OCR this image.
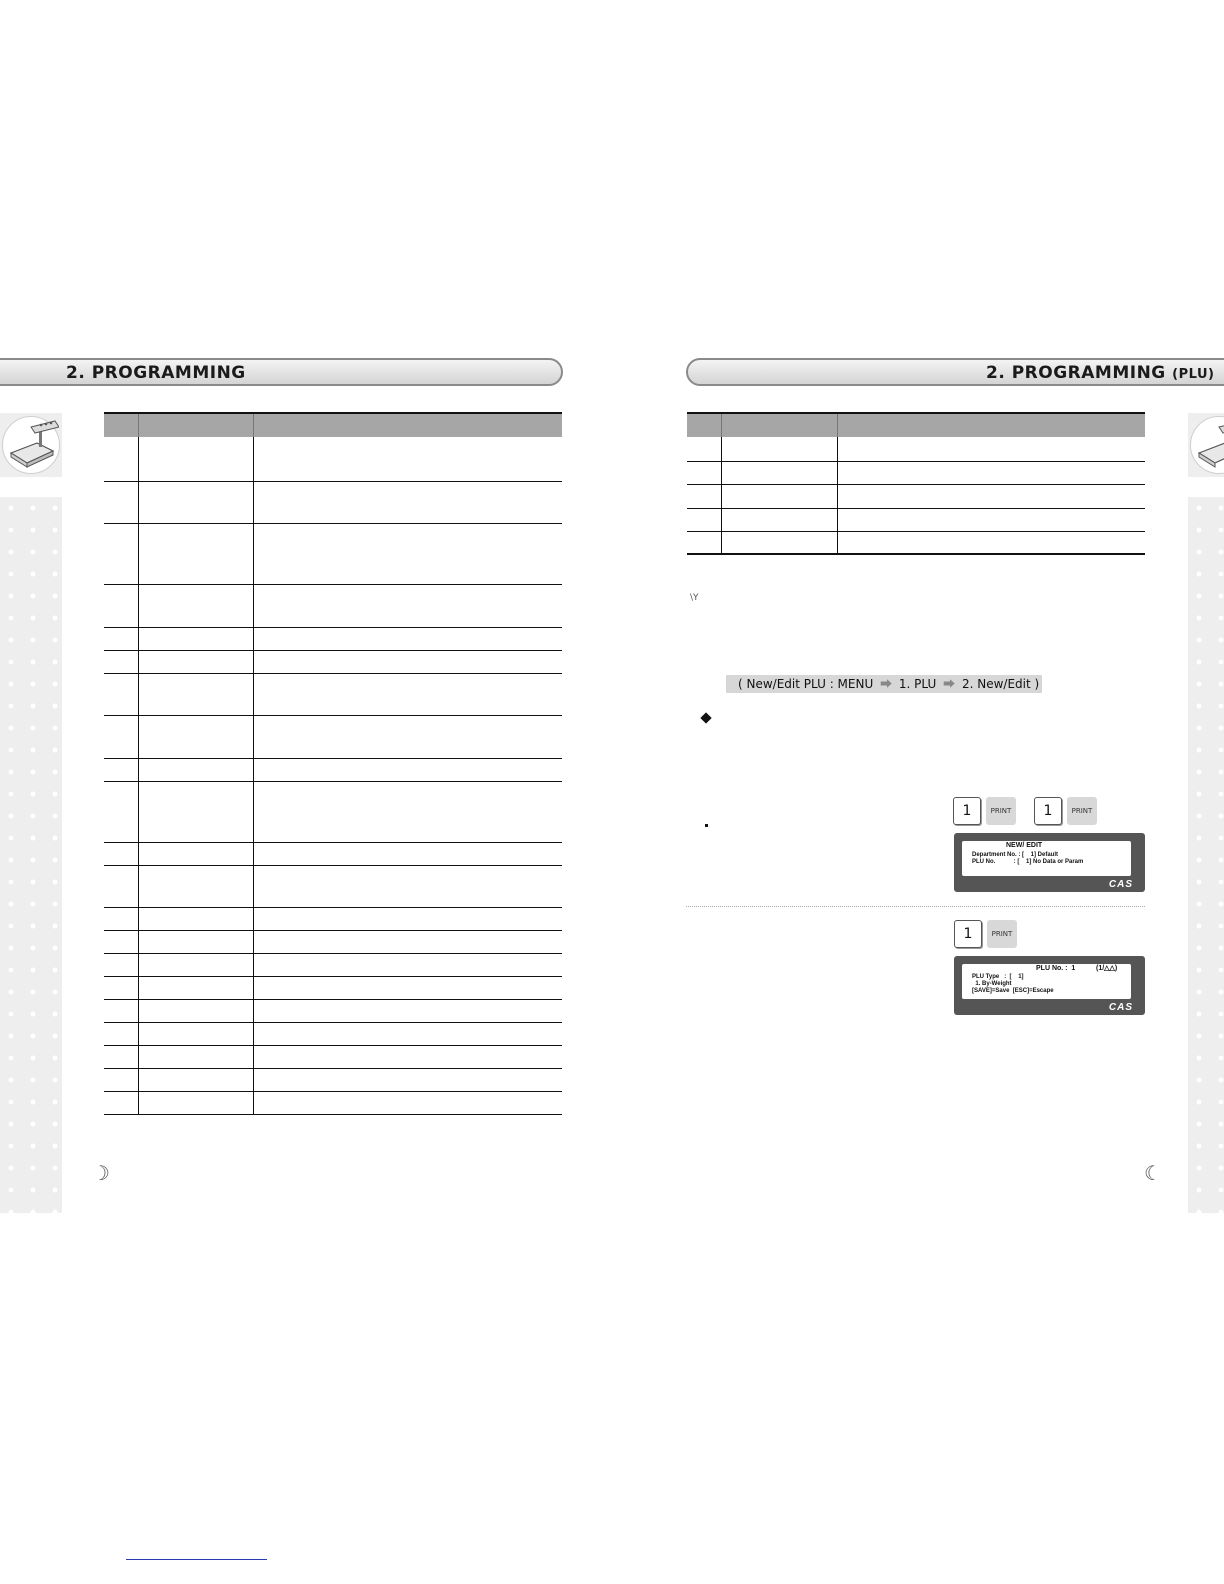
2. PROGRAMMING

☽
2. PROGRAMMING (PLU)

\Y
( New/Edit PLU : MENU ⮕ 1. PLU ⮕ 2. New/Edit )
1	PRINT	1	PRINT
NEW/ EDIT
Department No. : [    1] Default
PLU No.           : [    1] No Data or Param
CAS
1	PRINT
PLU No. :  1	(1/△△)
PLU Type   :  [    1]
1. By-Weight
[SAVE]=Save  [ESC]=Escape
CAS
☾
